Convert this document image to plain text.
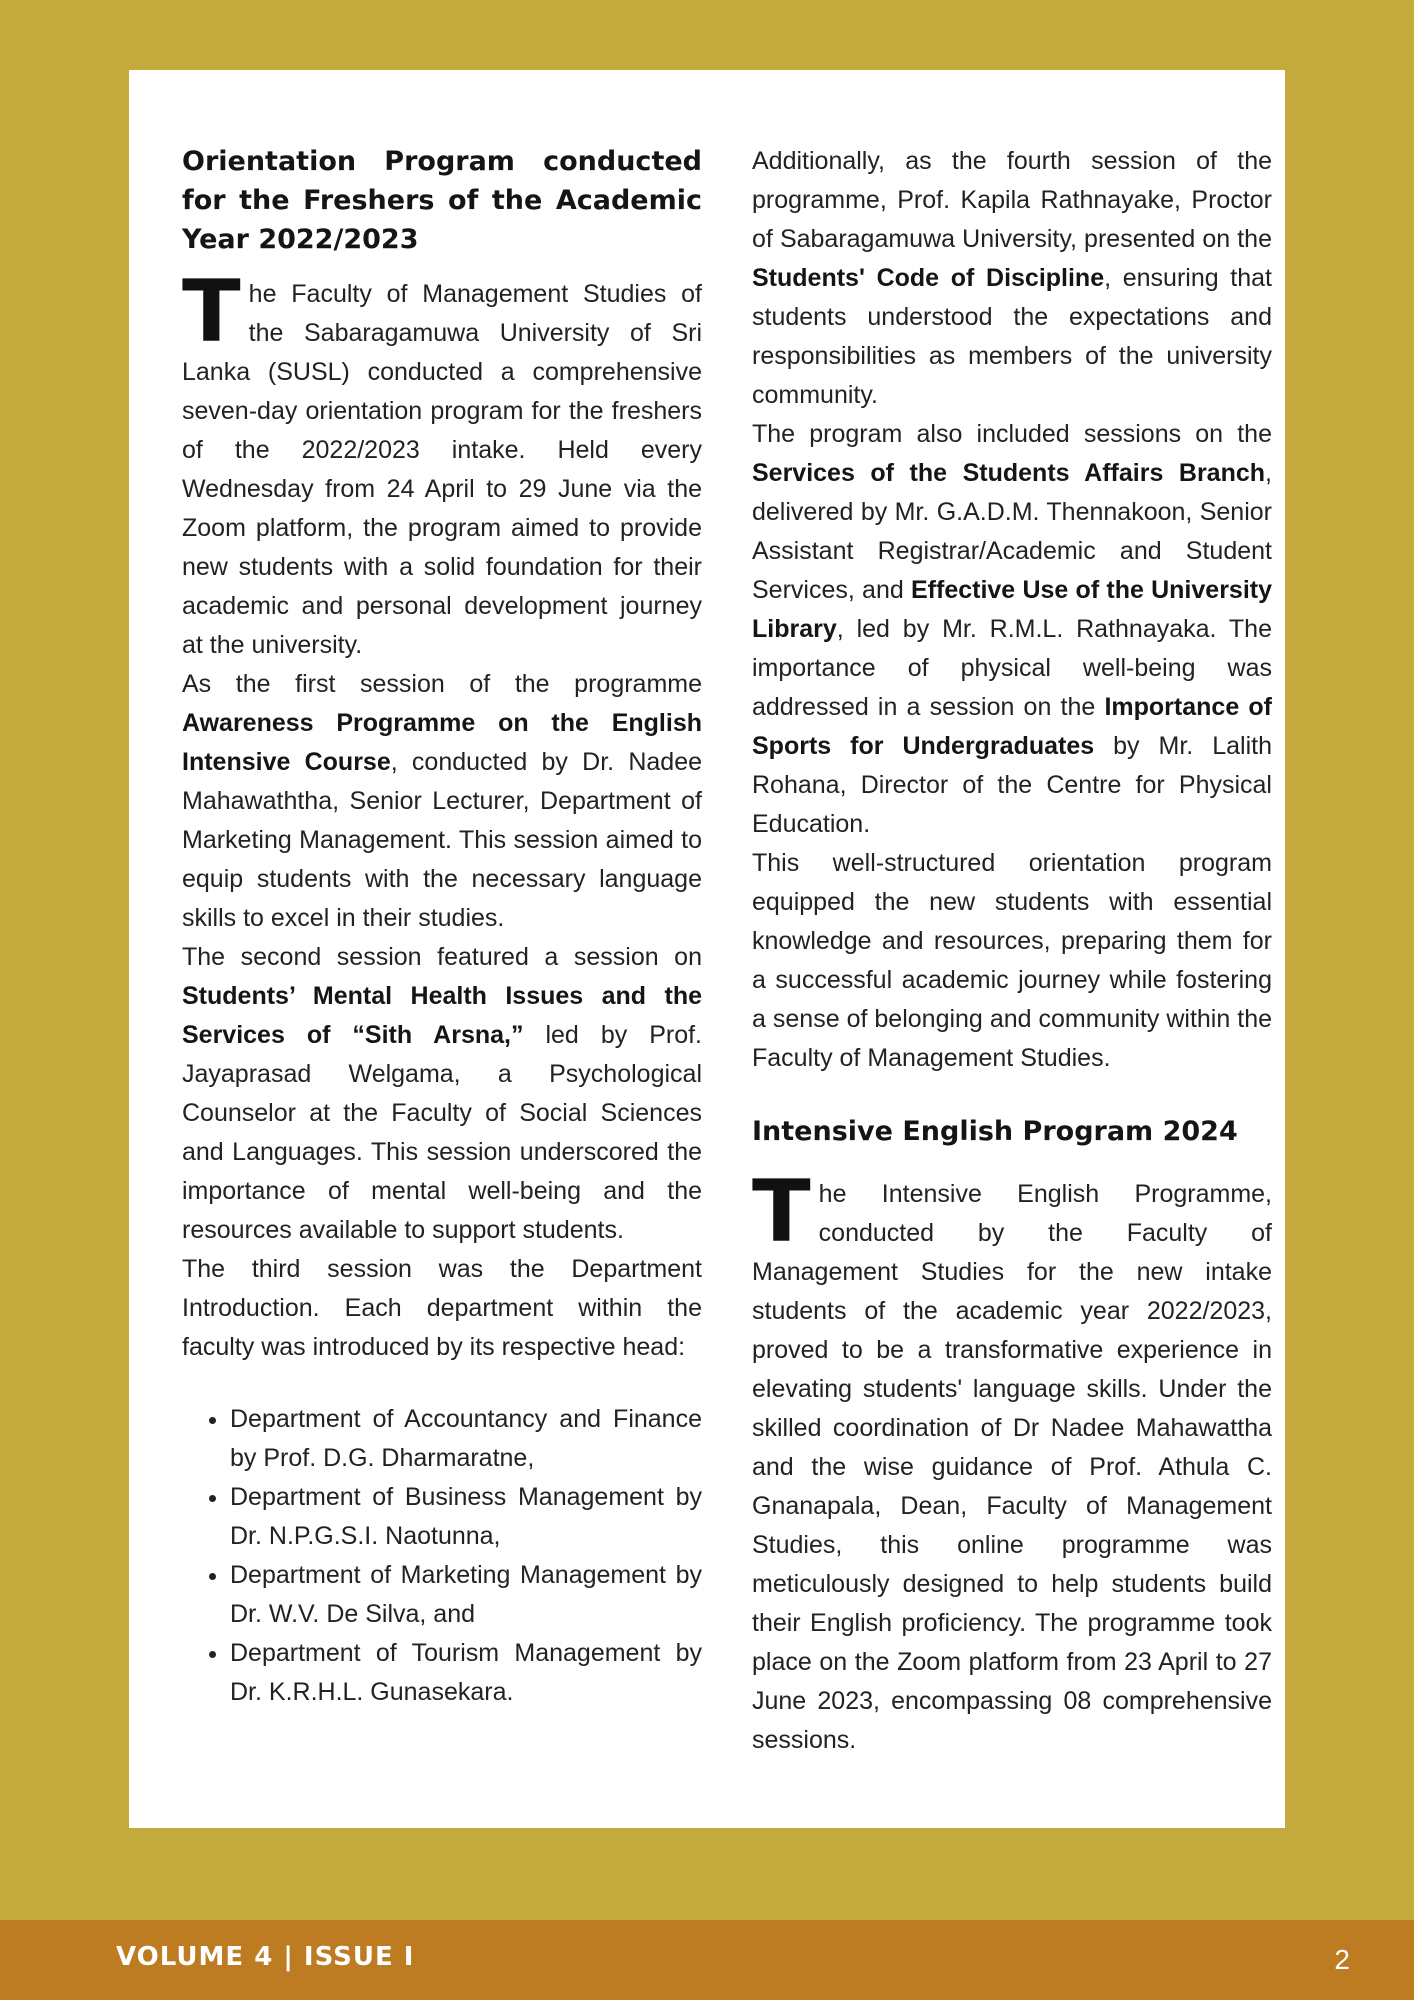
Orientation Program conducted for the Freshers of the Academic Year 2022/2023

The Faculty of Management Studies of the Sabaragamuwa University of Sri Lanka (SUSL) conducted a comprehensive seven-day orientation program for the freshers of the 2022/2023 intake. Held every Wednesday from 24 April to 29 June via the Zoom platform, the program aimed to provide new students with a solid foundation for their academic and personal development journey at the university.

As the first session of the programme Awareness Programme on the English Intensive Course, conducted by Dr. Nadee Mahawaththa, Senior Lecturer, Department of Marketing Management. This session aimed to equip students with the necessary language skills to excel in their studies.

The second session featured a session on Students’ Mental Health Issues and the Services of “Sith Arsna,” led by Prof. Jayaprasad Welgama, a Psychological Counselor at the Faculty of Social Sciences and Languages. This session underscored the importance of mental well-being and the resources available to support students.

The third session was the Department Introduction. Each department within the faculty was introduced by its respective head:

• Department of Accountancy and Finance by Prof. D.G. Dharmaratne,
• Department of Business Management by Dr. N.P.G.S.I. Naotunna,
• Department of Marketing Management by Dr. W.V. De Silva, and
• Department of Tourism Management by Dr. K.R.H.L. Gunasekara.

Additionally, as the fourth session of the programme, Prof. Kapila Rathnayake, Proctor of Sabaragamuwa University, presented on the Students' Code of Discipline, ensuring that students understood the expectations and responsibilities as members of the university community.

The program also included sessions on the Services of the Students Affairs Branch, delivered by Mr. G.A.D.M. Thennakoon, Senior Assistant Registrar/Academic and Student Services, and Effective Use of the University Library, led by Mr. R.M.L. Rathnayaka. The importance of physical well-being was addressed in a session on the Importance of Sports for Undergraduates by Mr. Lalith Rohana, Director of the Centre for Physical Education.

This well-structured orientation program equipped the new students with essential knowledge and resources, preparing them for a successful academic journey while fostering a sense of belonging and community within the Faculty of Management Studies.

Intensive English Program 2024

The Intensive English Programme, conducted by the Faculty of Management Studies for the new intake students of the academic year 2022/2023, proved to be a transformative experience in elevating students' language skills. Under the skilled coordination of Dr Nadee Mahawattha and the wise guidance of Prof. Athula C. Gnanapala, Dean, Faculty of Management Studies, this online programme was meticulously designed to help students build their English proficiency. The programme took place on the Zoom platform from 23 April to 27 June 2023, encompassing 08 comprehensive sessions.

VOLUME 4 | ISSUE I	2
